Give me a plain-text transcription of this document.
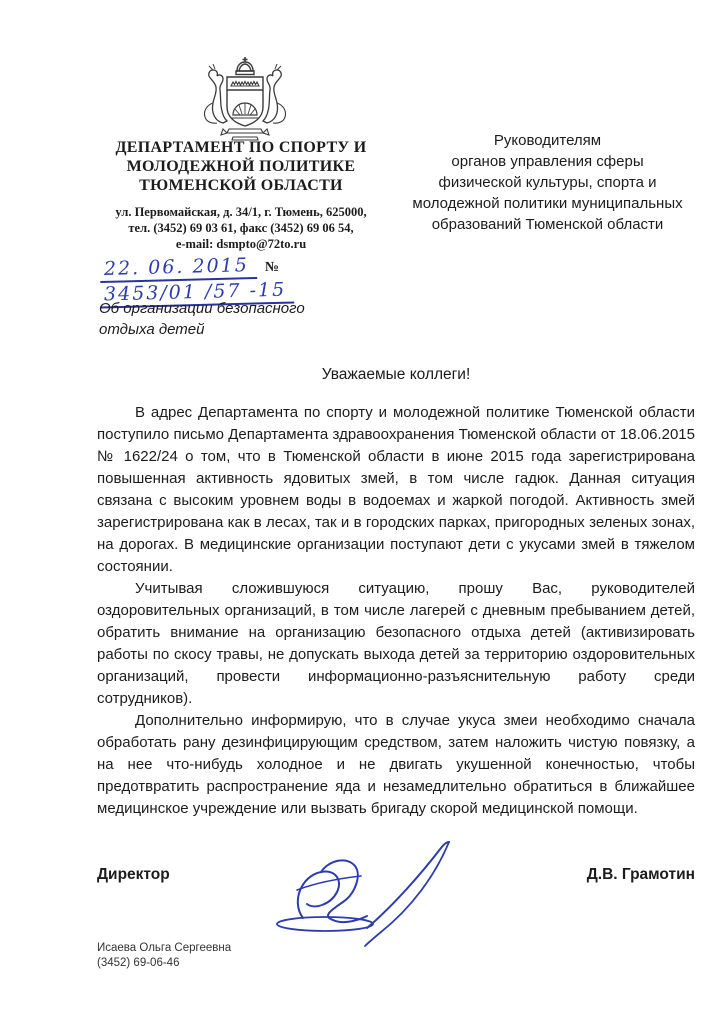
ДЕПАРТАМЕНТ ПО СПОРТУ И
МОЛОДЕЖНОЙ ПОЛИТИКЕ
ТЮМЕНСКОЙ ОБЛАСТИ
ул. Первомайская, д. 34/1, г. Тюмень, 625000,
тел. (3452) 69 03 61, факс (3452) 69 06 54,
e-mail: dsmpto@72to.ru
Руководителям
органов управления сферы
физической культуры, спорта и
молодежной политики муниципальных
образований Тюменской области
22. 06. 2015 №3453/01 /57 -15
Об организации безопасного
отдыха детей
Уважаемые коллеги!

В адрес Департамента по спорту и молодежной политике Тюменской области поступило письмо Департамента здравоохранения Тюменской области от 18.06.2015 № 1622/24 о том, что в Тюменской области в июне 2015 года зарегистрирована повышенная активность ядовитых змей, в том числе гадюк. Данная ситуация связана с высоким уровнем воды в водоемах и жаркой погодой. Активность змей зарегистрирована как в лесах, так и в городских парках, пригородных зеленых зонах, на дорогах. В медицинские организации поступают дети с укусами змей в тяжелом состоянии.

Учитывая сложившуюся ситуацию, прошу Вас, руководителей оздоровительных организаций, в том числе лагерей с дневным пребыванием детей, обратить внимание на организацию безопасного отдыха детей (активизировать работы по скосу травы, не допускать выхода детей за территорию оздоровительных организаций, провести информационно-разъяснительную работу среди сотрудников).

Дополнительно информирую, что в случае укуса змеи необходимо сначала обработать рану дезинфицирующим средством, затем наложить чистую повязку, а на нее что-нибудь холодное и не двигать укушенной конечностью, чтобы предотвратить распространение яда и незамедлительно обратиться в ближайшее медицинское учреждение или вызвать бригаду скорой медицинской помощи.

Директор	Д.В. Грамотин
Исаева Ольга Сергеевна
(3452) 69-06-46
